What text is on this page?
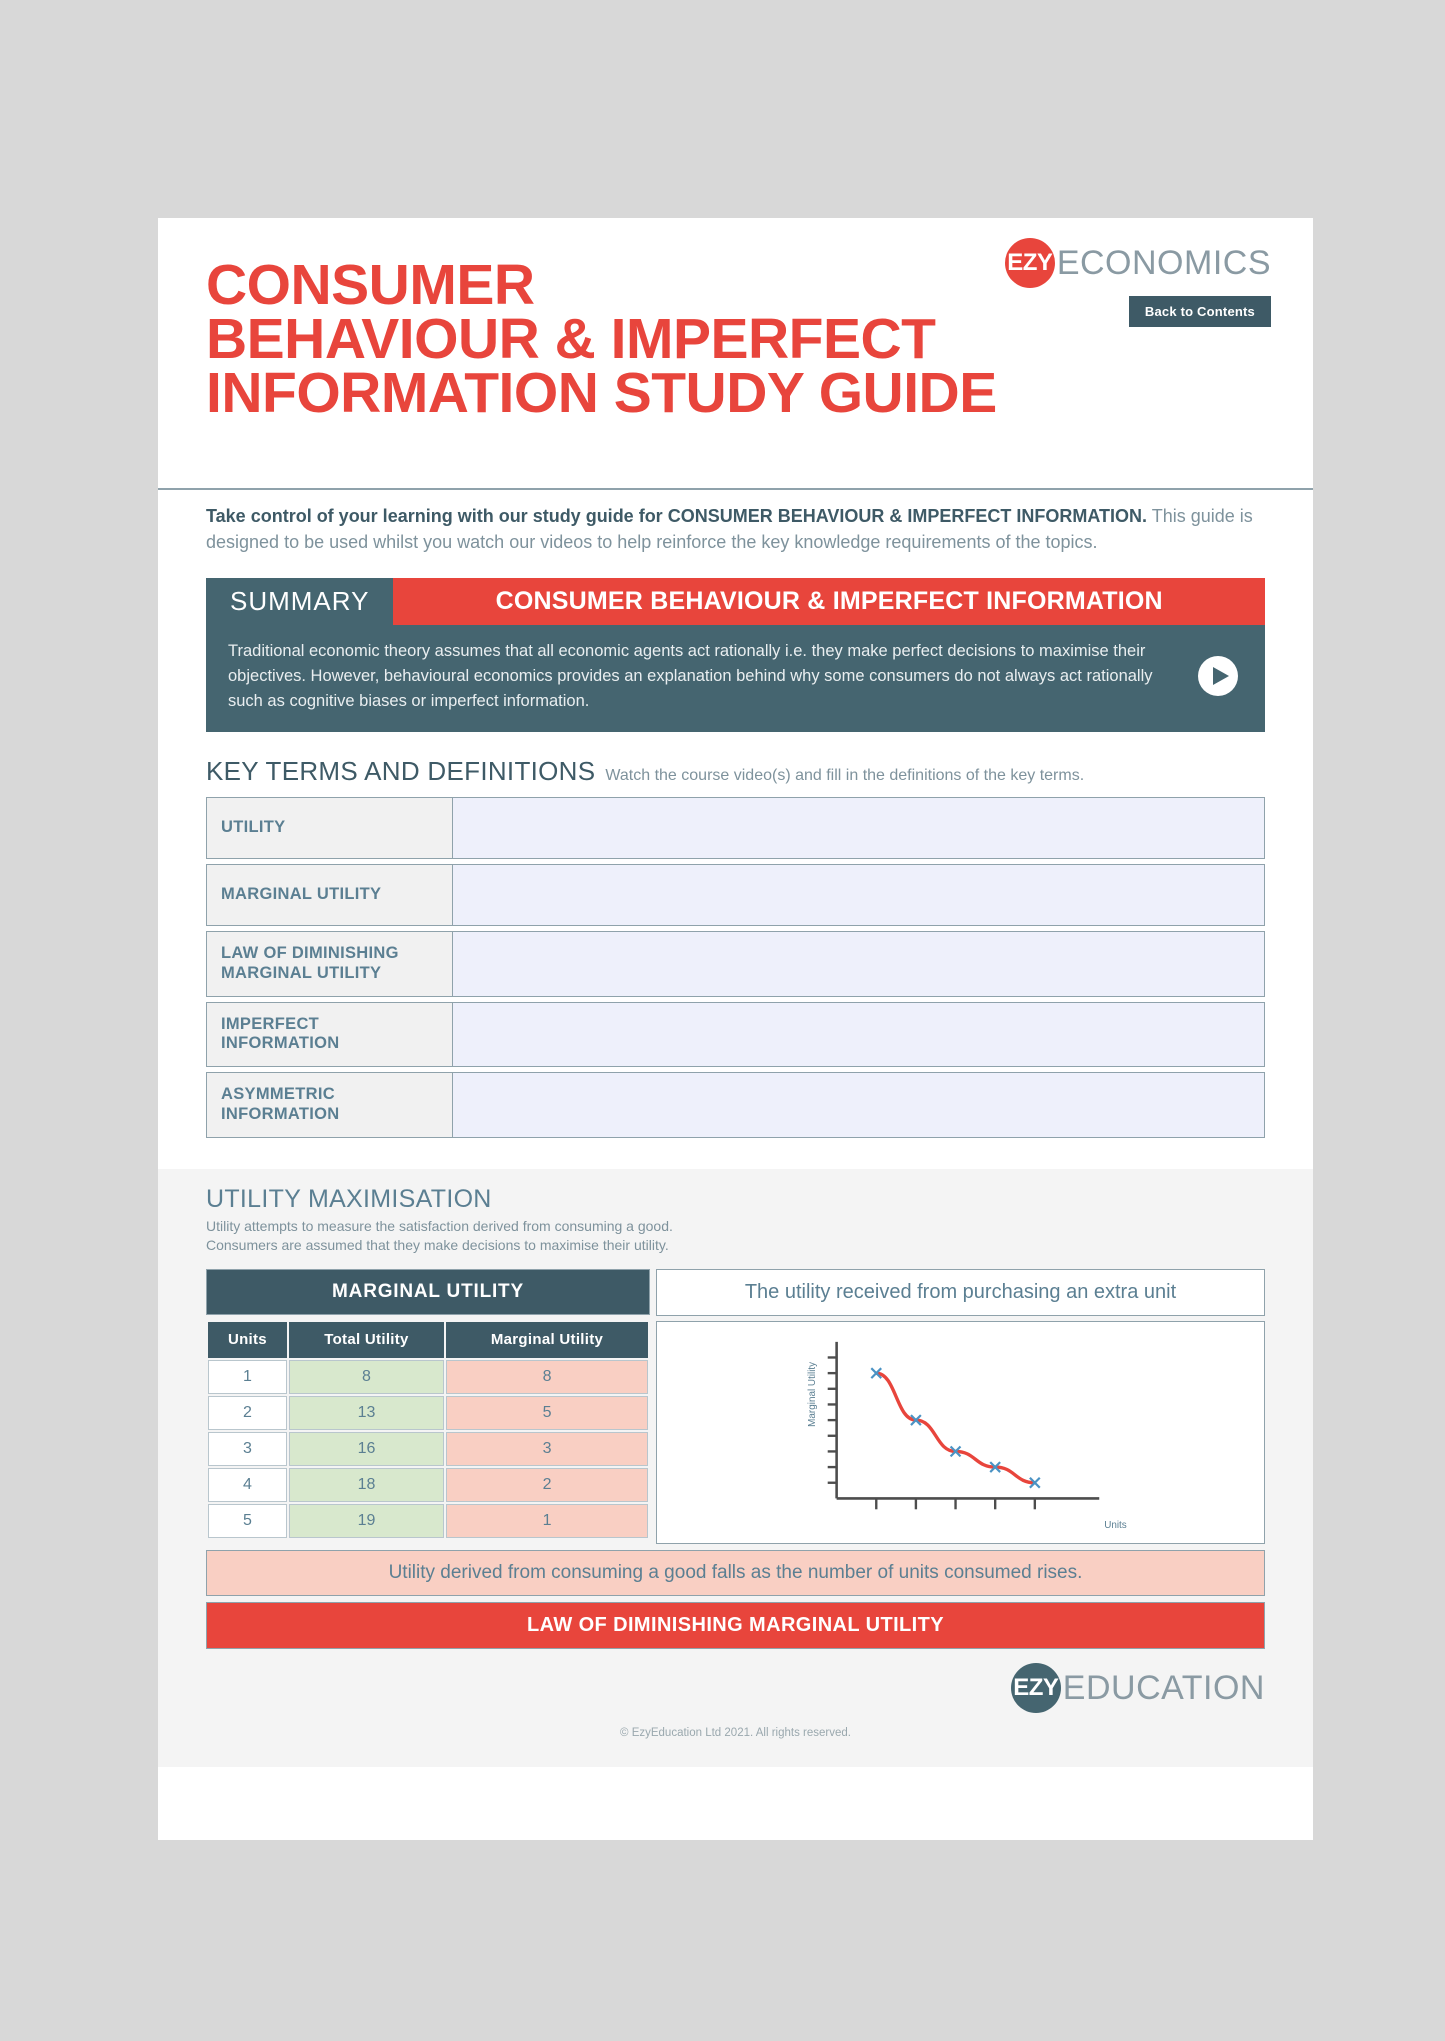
CONSUMER
BEHAVIOUR & IMPERFECT
INFORMATION STUDY GUIDE
EZY ECONOMICS
Back to Contents
Take control of your learning with our study guide for CONSUMER BEHAVIOUR & IMPERFECT INFORMATION. This guide is designed to be used whilst you watch our videos to help reinforce the key knowledge requirements of the topics.
SUMMARY	CONSUMER BEHAVIOUR & IMPERFECT INFORMATION
Traditional economic theory assumes that all economic agents act rationally i.e. they make perfect decisions to maximise their objectives. However, behavioural economics provides an explanation behind why some consumers do not always act rationally such as cognitive biases or imperfect information.
KEY TERMS AND DEFINITIONS Watch the course video(s) and fill in the definitions of the key terms.
UTILITY
MARGINAL UTILITY
LAW OF DIMINISHING MARGINAL UTILITY
IMPERFECT INFORMATION
ASYMMETRIC INFORMATION
UTILITY MAXIMISATION
Utility attempts to measure the satisfaction derived from consuming a good.
Consumers are assumed that they make decisions to maximise their utility.
MARGINAL UTILITY
Units	Total Utility	Marginal Utility
1	8	8
2	13	5
3	16	3
4	18	2
5	19	1
The utility received from purchasing an extra unit
Marginal Utility
Units
Utility derived from consuming a good falls as the number of units consumed rises.
LAW OF DIMINISHING MARGINAL UTILITY
EZY EDUCATION
© EzyEducation Ltd 2021. All rights reserved.
